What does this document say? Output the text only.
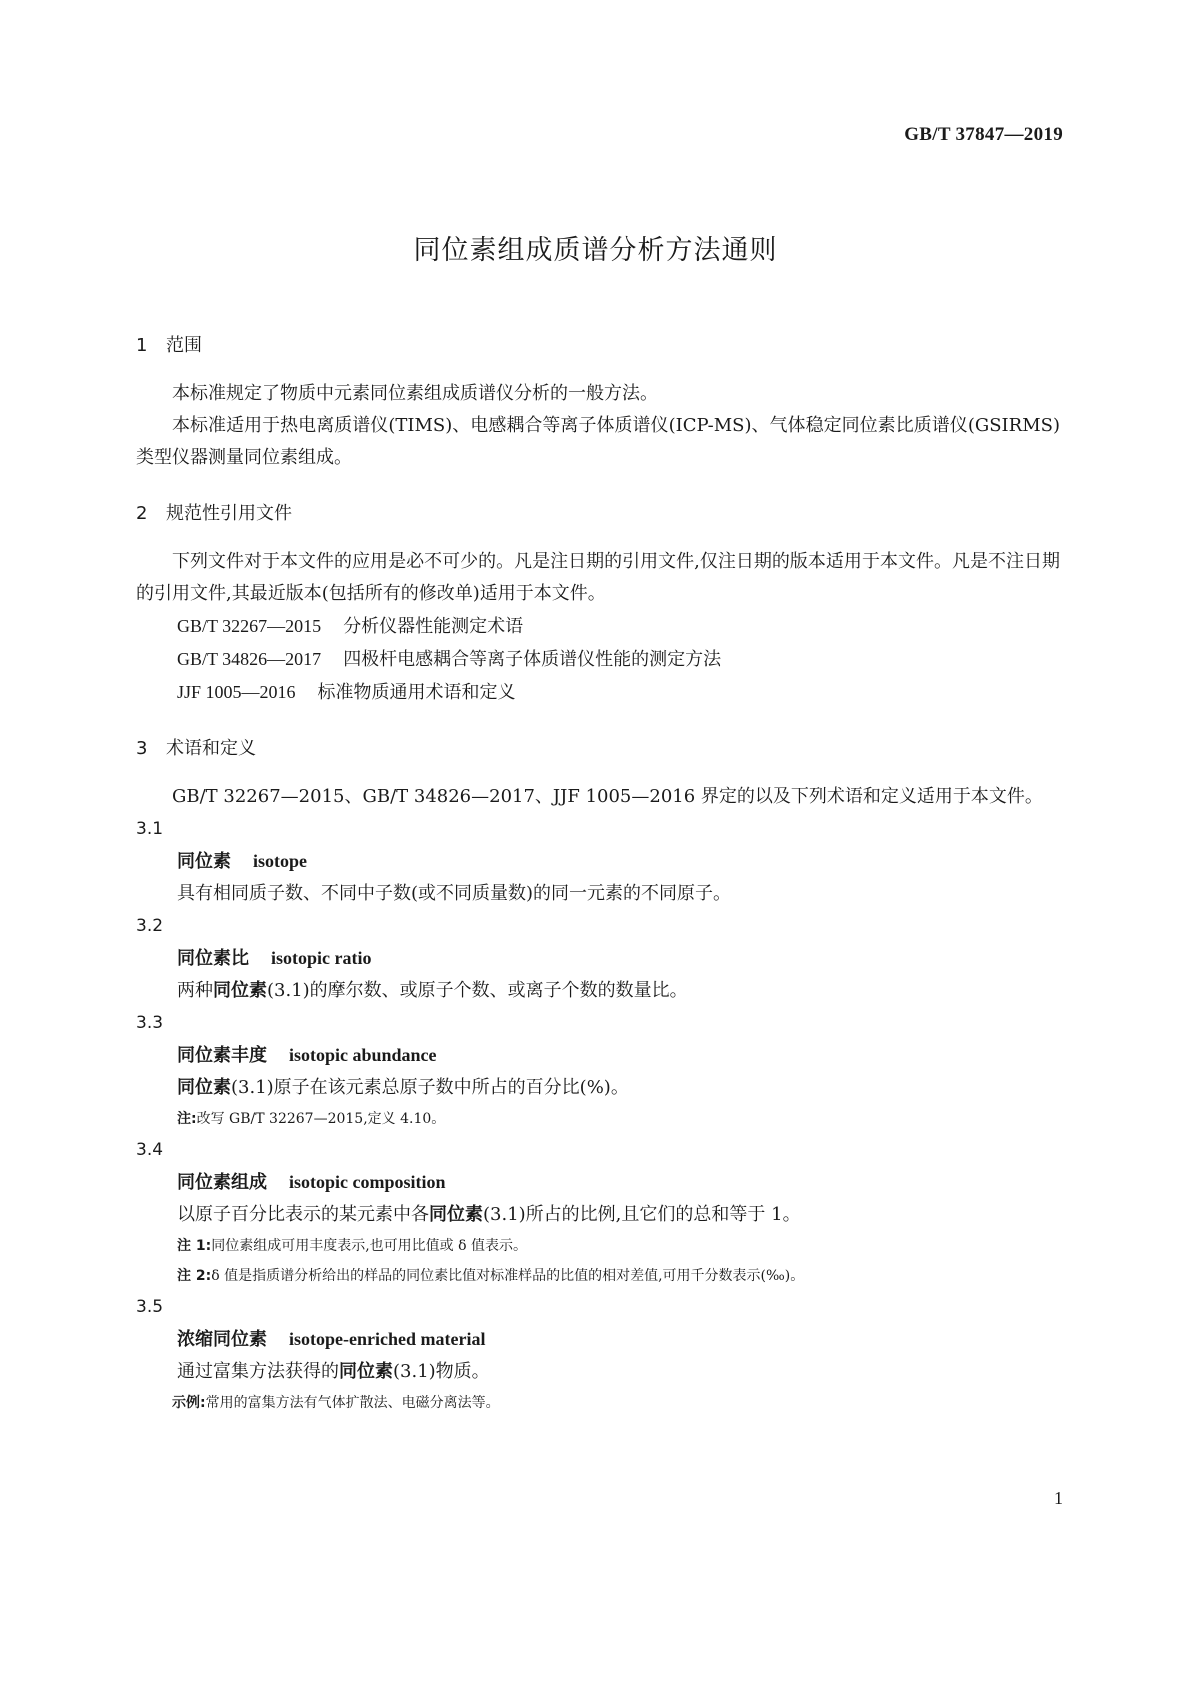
GB/T 37847—2019
同位素组成质谱分析方法通则
1 范围
本标准规定了物质中元素同位素组成质谱仪分析的一般方法。
本标准适用于热电离质谱仪(TIMS)、电感耦合等离子体质谱仪(ICP-MS)、气体稳定同位素比质谱仪(GSIRMS)类型仪器测量同位素组成。
2 规范性引用文件
下列文件对于本文件的应用是必不可少的。凡是注日期的引用文件,仅注日期的版本适用于本文件。凡是不注日期的引用文件,其最近版本(包括所有的修改单)适用于本文件。
GB/T 32267—2015 分析仪器性能测定术语
GB/T 34826—2017 四极杆电感耦合等离子体质谱仪性能的测定方法
JJF 1005—2016 标准物质通用术语和定义
3 术语和定义
GB/T 32267—2015、GB/T 34826—2017、JJF 1005—2016 界定的以及下列术语和定义适用于本文件。
3.1
同位素 isotope
具有相同质子数、不同中子数(或不同质量数)的同一元素的不同原子。
3.2
同位素比 isotopic ratio
两种同位素(3.1)的摩尔数、或原子个数、或离子个数的数量比。
3.3
同位素丰度 isotopic abundance
同位素(3.1)原子在该元素总原子数中所占的百分比(%)。
注:改写 GB/T 32267—2015,定义 4.10。
3.4
同位素组成 isotopic composition
以原子百分比表示的某元素中各同位素(3.1)所占的比例,且它们的总和等于 1。
注 1:同位素组成可用丰度表示,也可用比值或 δ 值表示。
注 2:δ 值是指质谱分析给出的样品的同位素比值对标准样品的比值的相对差值,可用千分数表示(‰)。
3.5
浓缩同位素 isotope-enriched material
通过富集方法获得的同位素(3.1)物质。
示例:常用的富集方法有气体扩散法、电磁分离法等。
1
